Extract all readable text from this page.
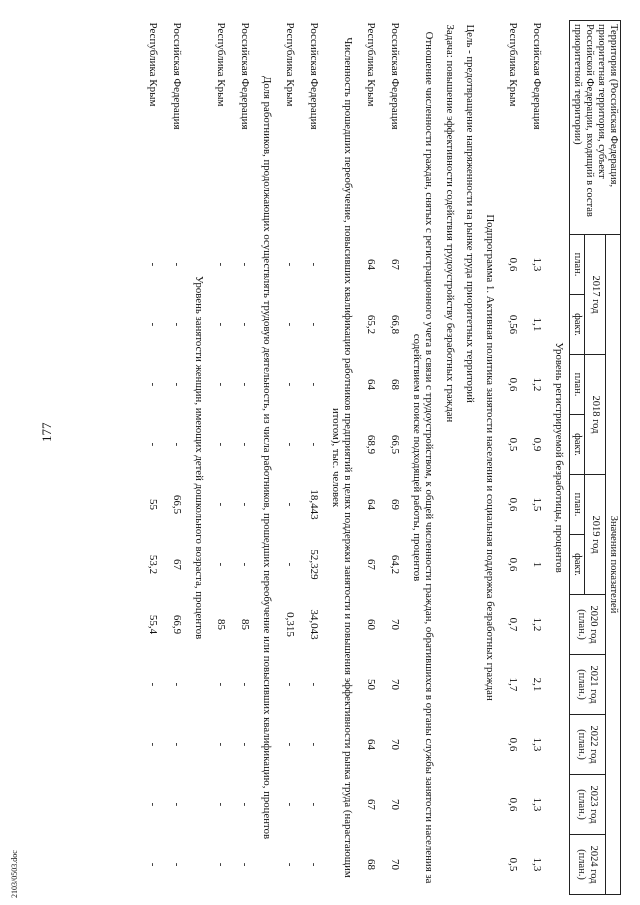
177
2103/0503.doc
Территория (Российская Федерация, приоритетная территория, субъект Российской Федерации, входящий в состав приоритетной территории)	Значения показателей										
	2017 год		2018 год		2019 год		2020 год (план.)	2021 год (план.)	2022 год (план.)	2023 год (план.)	2024 год (план.)
	план.	факт.	план.	факт.	план.	факт.					
Уровень регистрируемой безработицы, процентов											
Российская Федерация	1,3	1,1	1,2	0,9	1,5	1	1,2	2,1	1,3	1,3	1,3
Республика Крым	0,6	0,56	0,6	0,5	0,6	0,6	0,7	1,7	0,6	0,6	0,5
Подпрограмма 1. Активная политика занятости населения и социальная поддержка безработных граждан											
Цель - предотвращение напряженности на рынке труда приоритетных территорий											
Задача: повышение эффективности содействия трудоустройству безработных граждан											
Отношение численности граждан, снятых с регистрационного учета в связи с трудоустройством, к общей численности граждан, обратившихся в органы службы занятости населения за содействием в поиске подходящей работы, процентов											
Российская Федерация	67	66,8	68	66,5	69	64,2	70	70	70	70	70
Республика Крым	64	65,2	64	68,9	64	67	60	50	64	67	68
Численность прошедших переобучение, повысивших квалификацию работников предприятий в целях поддержки занятости и повышения эффективности рынка труда (нарастающим итогом), тыс. человек											
Российская Федерация	-	-	-	-	18,443	52,329	34,043	-	-	-	-
Республика Крым	-	-	-	-	-	-	0,315	-	-	-	-
Доля работников, продолжающих осуществлять трудовую деятельность, из числа работников, прошедших переобучение или повысивших квалификацию, процентов											
Российская Федерация	-	-	-	-	-	-	85	-	-	-	-
Республика Крым	-	-	-	-	-	-	85	-	-	-	-
Уровень занятости женщин, имеющих детей дошкольного возраста, процентов											
Российская Федерация	-	-	-	-	66,5	67	66,9	-	-	-	-
Республика Крым	-	-	-	-	55	53,2	55,4	-	-	-	-
